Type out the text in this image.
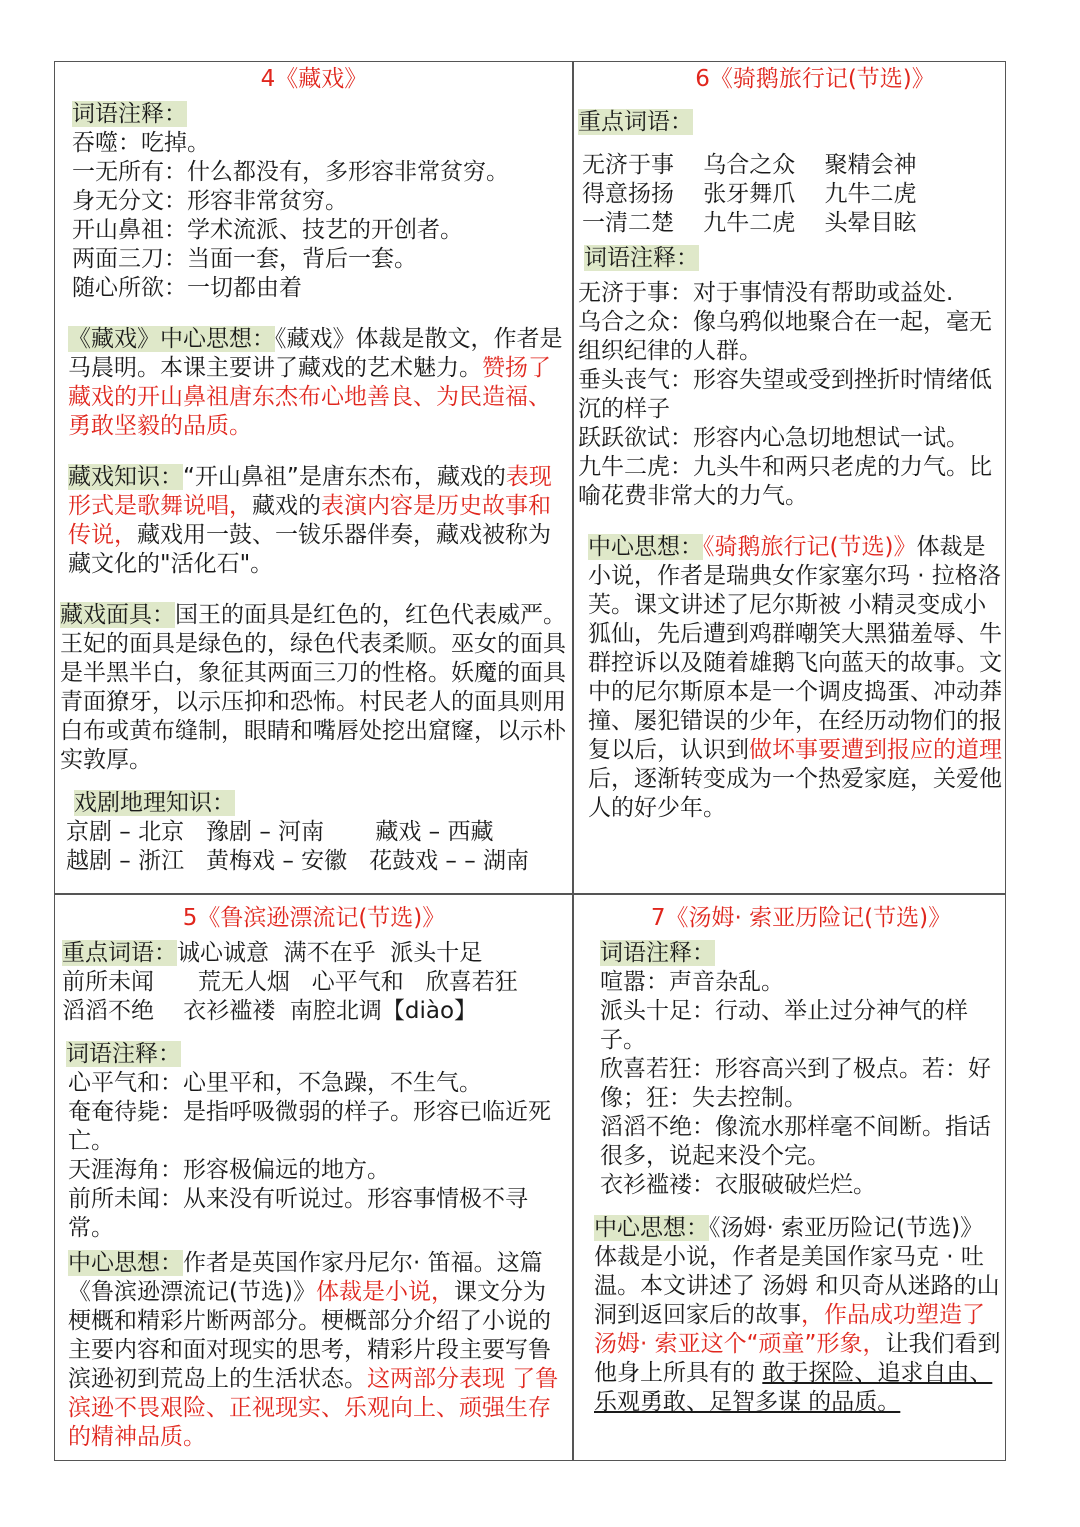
4《藏戏》

词语注释：

吞噬：吃掉。

一无所有：什么都没有，多形容非常贫穷。

身无分文：形容非常贫穷。

开山鼻祖：学术流派、技艺的开创者。

两面三刀：当面一套，背后一套。

随心所欲：一切都由着

《藏戏》中心思想：《藏戏》体裁是散文，作者是马晨明。本课主要讲了藏戏的艺术魅力。赞扬了藏戏的开山鼻祖唐东杰布心地善良、为民造福、勇敢坚毅的品质。

藏戏知识：“开山鼻祖”是唐东杰布，藏戏的表现形式是歌舞说唱，藏戏的表演内容是历史故事和传说，藏戏用一鼓、一钹乐器伴奏，藏戏被称为藏文化的"活化石"。

藏戏面具：国王的面具是红色的，红色代表威严。王妃的面具是绿色的，绿色代表柔顺。巫女的面具是半黑半白，象征其两面三刀的性格。妖魔的面具青面獠牙，以示压抑和恐怖。村民老人的面具则用白布或黄布缝制，眼睛和嘴唇处挖出窟窿，以示朴实敦厚。

戏剧地理知识：

京剧 – 北京   豫剧 – 河南       藏戏 – 西藏

越剧 – 浙江   黄梅戏 – 安徽   花鼓戏 – – 湖南

6《骑鹅旅行记(节选)》

重点词语：

无济于事    乌合之众    聚精会神

得意扬扬    张牙舞爪    九牛二虎

一清二楚    九牛二虎    头晕目眩

词语注释：

无济于事：对于事情没有帮助或益处.

乌合之众：像乌鸦似地聚合在一起，毫无组织纪律的人群。

垂头丧气：形容失望或受到挫折时情绪低沉的样子

跃跃欲试：形容内心急切地想试一试。

九牛二虎：九头牛和两只老虎的力气。比喻花费非常大的力气。

中心思想：《骑鹅旅行记(节选)》体裁是小说，作者是瑞典女作家塞尔玛 · 拉格洛芙。课文讲述了尼尔斯被 小精灵变成小狐仙，先后遭到鸡群嘲笑大黑猫羞辱、牛群控诉以及随着雄鹅飞向蓝天的故事。文中的尼尔斯原本是一个调皮捣蛋、冲动莽撞、屡犯错误的少年，在经历动物们的报复以后，认识到做坏事要遭到报应的道理后，逐渐转变成为一个热爱家庭，关爱他人的好少年。

5《鲁滨逊漂流记(节选)》

重点词语：诚心诚意  满不在乎  派头十足

前所未闻      荒无人烟   心平气和   欣喜若狂

滔滔不绝    衣衫褴褛  南腔北调【diào】

词语注释：

心平气和：心里平和，不急躁，不生气。

奄奄待毙：是指呼吸微弱的样子。形容已临近死亡。

天涯海角：形容极偏远的地方。

前所未闻：从来没有听说过。形容事情极不寻常。

中心思想：作者是英国作家丹尼尔· 笛福。这篇《鲁滨逊漂流记(节选)》体裁是小说，课文分为梗概和精彩片断两部分。梗概部分介绍了小说的主要内容和面对现实的思考，精彩片段主要写鲁滨逊初到荒岛上的生活状态。这两部分表现 了鲁滨逊不畏艰险、正视现实、乐观向上、顽强生存的精神品质。

7《汤姆· 索亚历险记(节选)》

词语注释：

喧嚣：声音杂乱。

派头十足：行动、举止过分神气的样子。

欣喜若狂：形容高兴到了极点。若：好像；狂：失去控制。

滔滔不绝：像流水那样毫不间断。指话很多，说起来没个完。

衣衫褴褛：衣服破破烂烂。

中心思想：《汤姆· 索亚历险记(节选)》体裁是小说，作者是美国作家马克 · 吐温。本文讲述了 汤姆 和贝奇从迷路的山洞到返回家后的故事，作品成功塑造了汤姆· 索亚这个“顽童”形象，让我们看到他身上所具有的 敢于探险、追求自由、乐观勇敢、足智多谋 的品质。
